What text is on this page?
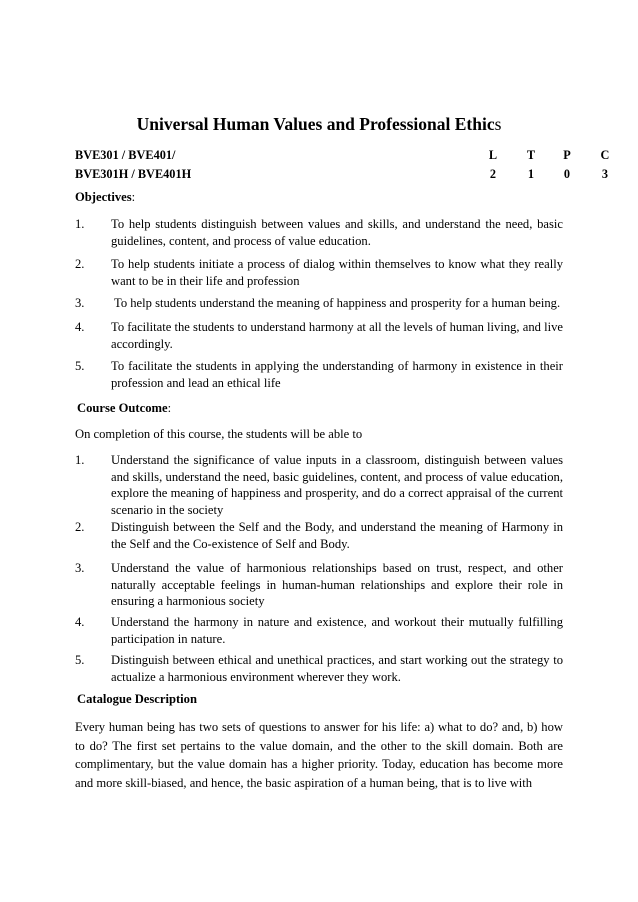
Universal Human Values and Professional Ethics
BVE301 / BVE401/	L	T	P	C
BVE301H / BVE401H	2	1	0	3
Objectives:
1.	To help students distinguish between values and skills, and understand the need, basic guidelines, content, and process of value education.
2.	To help students initiate a process of dialog within themselves to know what they really want to be in their life and profession
3.	To help students understand the meaning of happiness and prosperity for a human being.
4.	To facilitate the students to understand harmony at all the levels of human living, and live accordingly.
5.	To facilitate the students in applying the understanding of harmony in existence in their profession and lead an ethical life
Course Outcome:
On completion of this course, the students will be able to
1.	Understand the significance of value inputs in a classroom, distinguish between values and skills, understand the need, basic guidelines, content, and process of value education, explore the meaning of happiness and prosperity, and do a correct appraisal of the current scenario in the society
2.	Distinguish between the Self and the Body, and understand the meaning of Harmony in the Self and the Co-existence of Self and Body.
3.	Understand the value of harmonious relationships based on trust, respect, and other naturally acceptable feelings in human-human relationships and explore their role in ensuring a harmonious society
4.	Understand the harmony in nature and existence, and workout their mutually fulfilling participation in nature.
5.	Distinguish between ethical and unethical practices, and start working out the strategy to actualize a harmonious environment wherever they work.
Catalogue Description
Every human being has two sets of questions to answer for his life: a) what to do? and, b) how to do? The first set pertains to the value domain, and the other to the skill domain. Both are complimentary, but the value domain has a higher priority. Today, education has become more and more skill-biased, and hence, the basic aspiration of a human being, that is to live with
